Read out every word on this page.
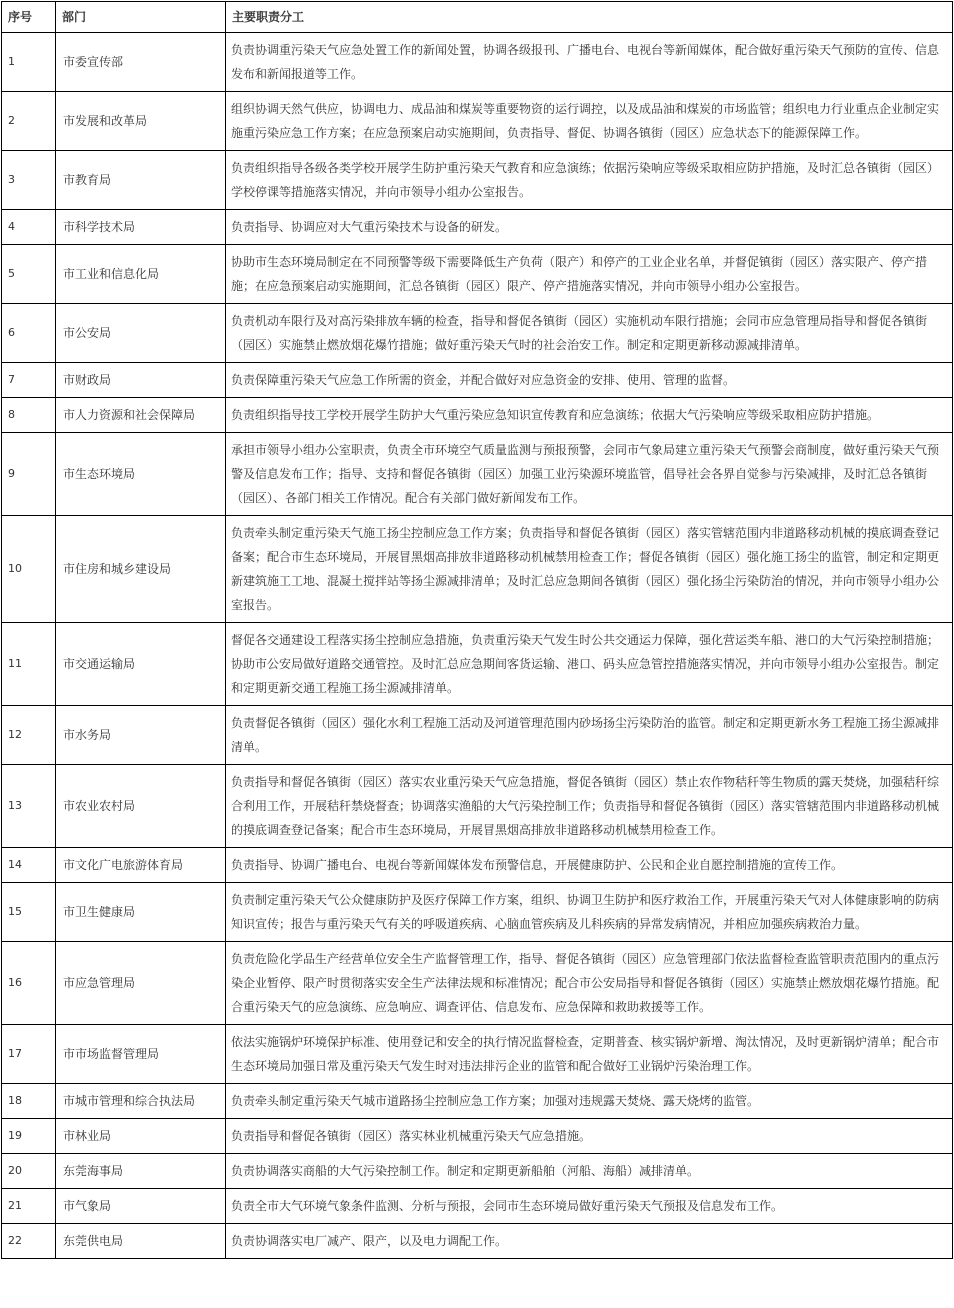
序号	部门	主要职责分工
1	市委宣传部	负责协调重污染天气应急处置工作的新闻处置，协调各级报刊、广播电台、电视台等新闻媒体，配合做好重污染天气预防的宣传、信息发布和新闻报道等工作。
2	市发展和改革局	组织协调天然气供应，协调电力、成品油和煤炭等重要物资的运行调控，以及成品油和煤炭的市场监管；组织电力行业重点企业制定实施重污染应急工作方案；在应急预案启动实施期间，负责指导、督促、协调各镇街（园区）应急状态下的能源保障工作。
3	市教育局	负责组织指导各级各类学校开展学生防护重污染天气教育和应急演练；依据污染响应等级采取相应防护措施，及时汇总各镇街（园区）学校停课等措施落实情况，并向市领导小组办公室报告。
4	市科学技术局	负责指导、协调应对大气重污染技术与设备的研发。
5	市工业和信息化局	协助市生态环境局制定在不同预警等级下需要降低生产负荷（限产）和停产的工业企业名单，并督促镇街（园区）落实限产、停产措施；在应急预案启动实施期间，汇总各镇街（园区）限产、停产措施落实情况，并向市领导小组办公室报告。
6	市公安局	负责机动车限行及对高污染排放车辆的检查，指导和督促各镇街（园区）实施机动车限行措施；会同市应急管理局指导和督促各镇街（园区）实施禁止燃放烟花爆竹措施；做好重污染天气时的社会治安工作。制定和定期更新移动源减排清单。
7	市财政局	负责保障重污染天气应急工作所需的资金，并配合做好对应急资金的安排、使用、管理的监督。
8	市人力资源和社会保障局	负责组织指导技工学校开展学生防护大气重污染应急知识宣传教育和应急演练；依据大气污染响应等级采取相应防护措施。
9	市生态环境局	承担市领导小组办公室职责，负责全市环境空气质量监测与预报预警，会同市气象局建立重污染天气预警会商制度，做好重污染天气预警及信息发布工作；指导、支持和督促各镇街（园区）加强工业污染源环境监管，倡导社会各界自觉参与污染减排，及时汇总各镇街（园区）、各部门相关工作情况。配合有关部门做好新闻发布工作。
10	市住房和城乡建设局	负责牵头制定重污染天气施工扬尘控制应急工作方案；负责指导和督促各镇街（园区）落实管辖范围内非道路移动机械的摸底调查登记备案；配合市生态环境局，开展冒黑烟高排放非道路移动机械禁用检查工作；督促各镇街（园区）强化施工扬尘的监管，制定和定期更新建筑施工工地、混凝土搅拌站等扬尘源减排清单；及时汇总应急期间各镇街（园区）强化扬尘污染防治的情况，并向市领导小组办公室报告。
11	市交通运输局	督促各交通建设工程落实扬尘控制应急措施，负责重污染天气发生时公共交通运力保障，强化营运类车船、港口的大气污染控制措施；协助市公安局做好道路交通管控。及时汇总应急期间客货运输、港口、码头应急管控措施落实情况，并向市领导小组办公室报告。制定和定期更新交通工程施工扬尘源减排清单。
12	市水务局	负责督促各镇街（园区）强化水利工程施工活动及河道管理范围内砂场扬尘污染防治的监管。制定和定期更新水务工程施工扬尘源减排清单。
13	市农业农村局	负责指导和督促各镇街（园区）落实农业重污染天气应急措施，督促各镇街（园区）禁止农作物秸秆等生物质的露天焚烧，加强秸秆综合利用工作，开展秸秆禁烧督查；协调落实渔船的大气污染控制工作；负责指导和督促各镇街（园区）落实管辖范围内非道路移动机械的摸底调查登记备案；配合市生态环境局，开展冒黑烟高排放非道路移动机械禁用检查工作。
14	市文化广电旅游体育局	负责指导、协调广播电台、电视台等新闻媒体发布预警信息，开展健康防护、公民和企业自愿控制措施的宣传工作。
15	市卫生健康局	负责制定重污染天气公众健康防护及医疗保障工作方案，组织、协调卫生防护和医疗救治工作，开展重污染天气对人体健康影响的防病知识宣传；报告与重污染天气有关的呼吸道疾病、心脑血管疾病及儿科疾病的异常发病情况，并相应加强疾病救治力量。
16	市应急管理局	负责危险化学品生产经营单位安全生产监督管理工作，指导、督促各镇街（园区）应急管理部门依法监督检查监管职责范围内的重点污染企业暂停、限产时贯彻落实安全生产法律法规和标准情况；配合市公安局指导和督促各镇街（园区）实施禁止燃放烟花爆竹措施。配合重污染天气的应急演练、应急响应、调查评估、信息发布、应急保障和救助救援等工作。
17	市市场监督管理局	依法实施锅炉环境保护标准、使用登记和安全的执行情况监督检查，定期普查、核实锅炉新增、淘汰情况，及时更新锅炉清单；配合市生态环境局加强日常及重污染天气发生时对违法排污企业的监管和配合做好工业锅炉污染治理工作。
18	市城市管理和综合执法局	负责牵头制定重污染天气城市道路扬尘控制应急工作方案；加强对违规露天焚烧、露天烧烤的监管。
19	市林业局	负责指导和督促各镇街（园区）落实林业机械重污染天气应急措施。
20	东莞海事局	负责协调落实商船的大气污染控制工作。制定和定期更新船舶（河船、海船）减排清单。
21	市气象局	负责全市大气环境气象条件监测、分析与预报，会同市生态环境局做好重污染天气预报及信息发布工作。
22	东莞供电局	负责协调落实电厂减产、限产，以及电力调配工作。
